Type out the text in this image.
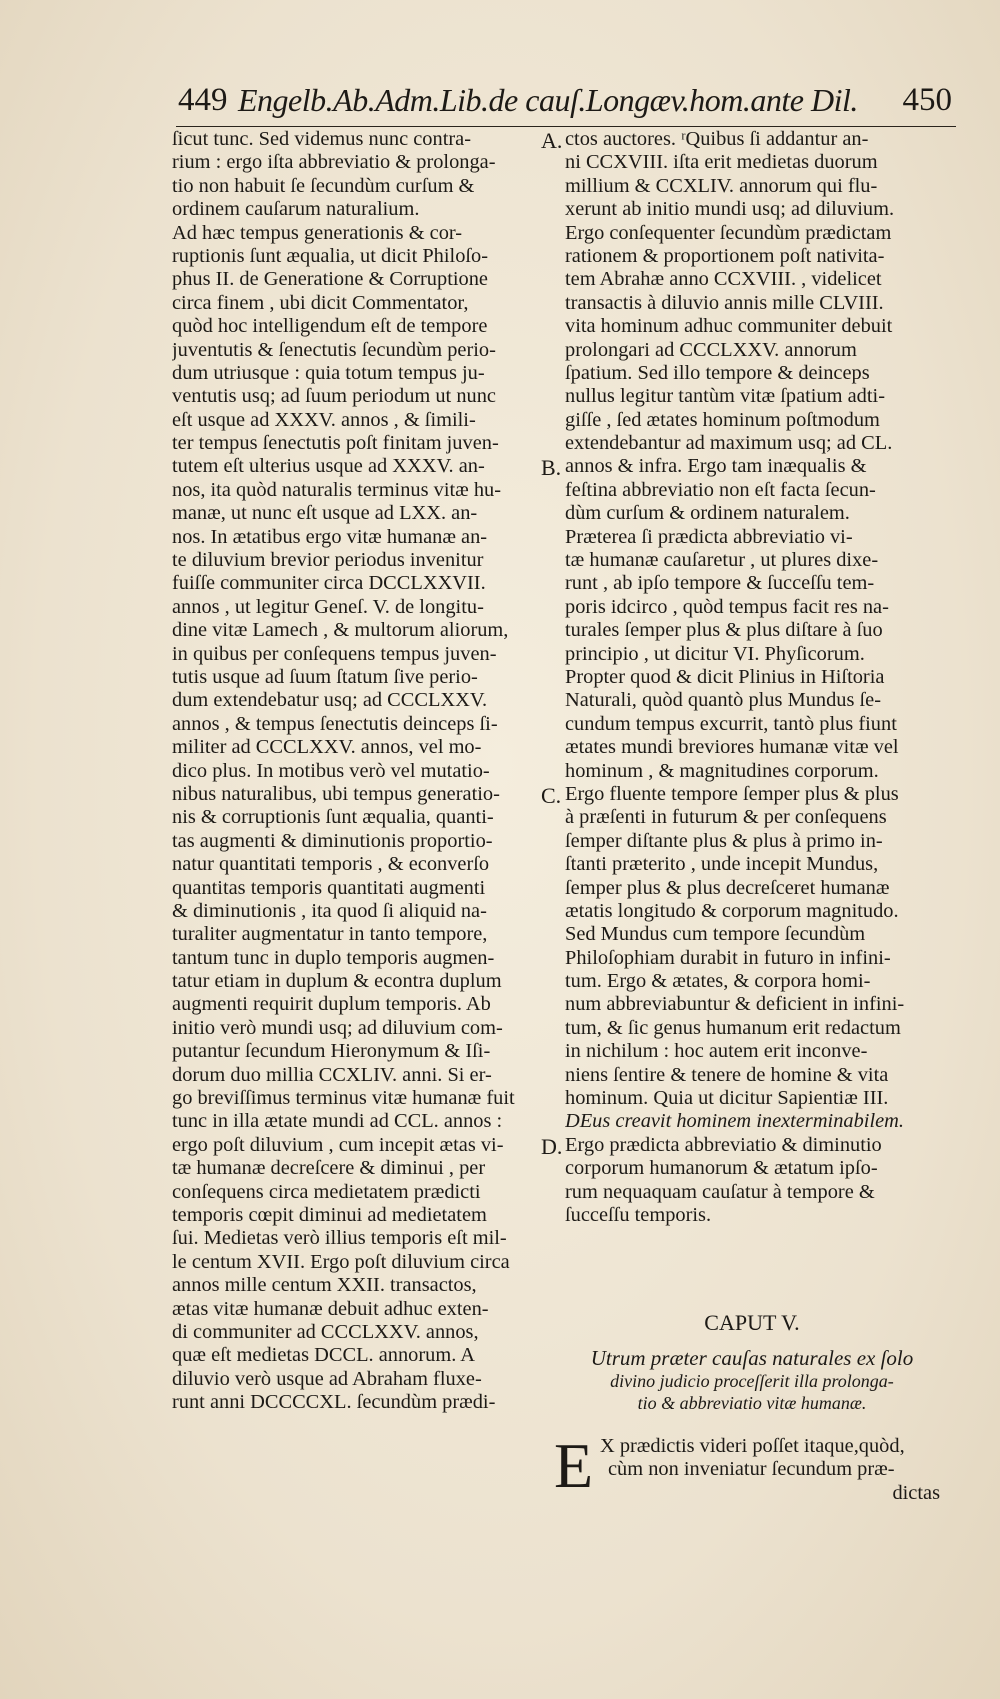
449 Engelb.Ab.Adm.Lib.de cauſ.Longæv.hom.ante Dil. 450
ſicut tunc. Sed videmus nunc contra-
rium : ergo iſta abbreviatio & prolonga-
tio non habuit ſe ſecundùm curſum &
ordinem cauſarum naturalium.
Ad hæc tempus generationis & cor-
ruptionis ſunt æqualia, ut dicit Philoſo-
phus II. de Generatione & Corruptione
circa finem , ubi dicit Commentator,
quòd hoc intelligendum eſt de tempore
juventutis & ſenectutis ſecundùm perio-
dum utriusque : quia totum tempus ju-
ventutis usq; ad ſuum periodum ut nunc
eſt usque ad XXXV. annos , & ſimili-
ter tempus ſenectutis poſt finitam juven-
tutem eſt ulterius usque ad XXXV. an-
nos, ita quòd naturalis terminus vitæ hu-
manæ, ut nunc eſt usque ad LXX. an-
nos. In ætatibus ergo vitæ humanæ an-
te diluvium brevior periodus invenitur
fuiſſe communiter circa DCCLXXVII.
annos , ut legitur Geneſ. V. de longitu-
dine vitæ Lamech , & multorum aliorum,
in quibus per conſequens tempus juven-
tutis usque ad ſuum ſtatum ſive perio-
dum extendebatur usq; ad CCCLXXV.
annos , & tempus ſenectutis deinceps ſi-
militer ad CCCLXXV. annos, vel mo-
dico plus. In motibus verò vel mutatio-
nibus naturalibus, ubi tempus generatio-
nis & corruptionis ſunt æqualia, quanti-
tas augmenti & diminutionis proportio-
natur quantitati temporis , & econverſo
quantitas temporis quantitati augmenti
& diminutionis , ita quod ſi aliquid na-
turaliter augmentatur in tanto tempore,
tantum tunc in duplo temporis augmen-
tatur etiam in duplum & econtra duplum
augmenti requirit duplum temporis. Ab
initio verò mundi usq; ad diluvium com-
putantur ſecundum Hieronymum & Iſi-
dorum duo millia CCXLIV. anni. Si er-
go breviſſimus terminus vitæ humanæ fuit
tunc in illa ætate mundi ad CCL. annos :
ergo poſt diluvium , cum incepit ætas vi-
tæ humanæ decreſcere & diminui , per
conſequens circa medietatem prædicti
temporis cœpit diminui ad medietatem
ſui. Medietas verò illius temporis eſt mil-
le centum XVII. Ergo poſt diluvium circa
annos mille centum XXII. transactos,
ætas vitæ humanæ debuit adhuc exten-
di communiter ad CCCLXXV. annos,
quæ eſt medietas DCCL. annorum. A
diluvio verò usque ad Abraham fluxe-
runt anni DCCCCXL. ſecundùm prædi-
ctos auctores. ʳQuibus ſi addantur an-
ni CCXVIII. iſta erit medietas duorum
millium & CCXLIV. annorum qui flu-
xerunt ab initio mundi usq; ad diluvium.
Ergo conſequenter ſecundùm prædictam
rationem & proportionem poſt nativita-
tem Abrahæ anno CCXVIII. , videlicet
transactis à diluvio annis mille CLVIII.
vita hominum adhuc communiter debuit
prolongari ad CCCLXXV. annorum
ſpatium. Sed illo tempore & deinceps
nullus legitur tantùm vitæ ſpatium adti-
giſſe , ſed ætates hominum poſtmodum
extendebantur ad maximum usq; ad CL.
annos & infra. Ergo tam inæqualis &
feſtina abbreviatio non eſt facta ſecun-
dùm curſum & ordinem naturalem.
Præterea ſi prædicta abbreviatio vi-
tæ humanæ cauſaretur , ut plures dixe-
runt , ab ipſo tempore & ſucceſſu tem-
poris idcirco , quòd tempus facit res na-
turales ſemper plus & plus diſtare à ſuo
principio , ut dicitur VI. Phyſicorum.
Propter quod & dicit Plinius in Hiſtoria
Naturali, quòd quantò plus Mundus ſe-
cundum tempus excurrit, tantò plus fiunt
ætates mundi breviores humanæ vitæ vel
hominum , & magnitudines corporum.
Ergo fluente tempore ſemper plus & plus
à præſenti in futurum & per conſequens
ſemper diſtante plus & plus à primo in-
ſtanti præterito , unde incepit Mundus,
ſemper plus & plus decreſceret humanæ
ætatis longitudo & corporum magnitudo.
Sed Mundus cum tempore ſecundùm
Philoſophiam durabit in futuro in infini-
tum. Ergo & ætates, & corpora homi-
num abbreviabuntur & deficient in infini-
tum, & ſic genus humanum erit redactum
in nichilum : hoc autem erit inconve-
niens ſentire & tenere de homine & vita
hominum. Quia ut dicitur Sapientiæ III.
DEus creavit hominem inexterminabilem.
Ergo prædicta abbreviatio & diminutio
corporum humanorum & ætatum ipſo-
rum nequaquam cauſatur à tempore &
ſucceſſu temporis.
A.
B.
C.
D.
CAPUT V.
Utrum præter cauſas naturales ex ſolo
divino judicio proceſſerit illa prolonga-
tio & abbreviatio vitæ humanæ.
E X prædictis videri poſſet itaque,quòd,
cùm non inveniatur ſecundum præ-
dictas
